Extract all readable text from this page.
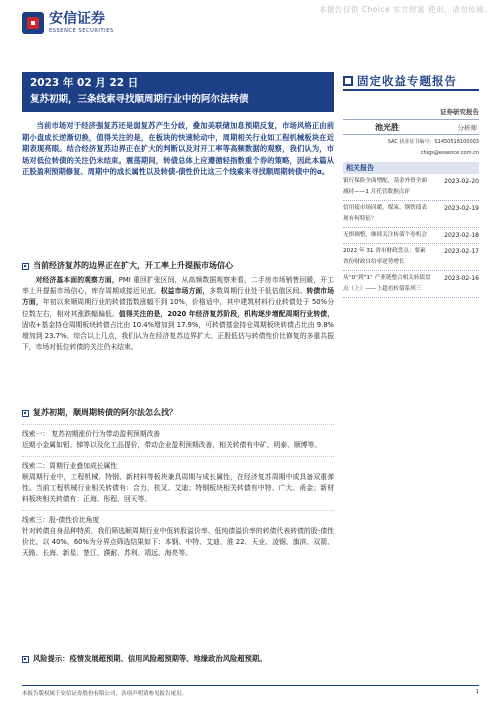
本报告仅供 Choice 东方财富 使用，请勿传阅。
安信证券
ESSENCE SECURITIES
2023 年 02 月 22 日
复苏初期，三条线索寻找顺周期行业中的阿尔法转债
固定收益专题报告
证券研究报告
池光胜	分析师
SAC 执业证书编号：S1450518100003
chigs@essence.com.cn
当前市场对于经济强复苏还是弱复苏产生分歧，叠加美联储加息预期反复，市场风格正由前期小盘成长逆渐切换，值得关注的是，在板块的快速轮动中，周期相关行业如工程机械板块在近期表现亮眼。结合经济复苏边界正在扩大的判断以及对开工率等高频数据的观察，我们认为，市场对低位转债的关注仍未结束。震荡期间，转债总体上应遵循轻指数重个券的策略，因此本篇从正股盈利预期修复、周期中的成长属性以及转债-债性价比这三个线索来寻找顺周期转债中的α。
当前经济复苏的边界正在扩大，开工率上升提振市场信心
对经济基本面的观察方面，PMI 重回扩张区间，从高频数据观察来看，二手房市场销售回暖，开工率上升提振市场信心，库存周期或接近见底。权益市场方面，多数周期行业处于低估值区间。转债市场方面，年初以来顺周期行业的转债指数涨幅不到 10%，价格适中，其中建筑材料行业转债处于 50%分位数左右，相对其涨跌幅偏低。值得关注的是，2020 年经济复苏阶段，机构逐步增配周期行业转债，固收+基金持仓周期板块转债占比由 10.4%增加到 17.9%，可转债基金持仓周期板块转债占比由 9.8%增加到 23.7%。综合以上几点，我们认为在经济复苏边界扩大、正股低估与转债性价比修复的多重共振下，市场对低位转债的关注仍未结束。
复苏初期，顺周期转债的阿尔法怎么找？
线索一： 复苏初期涨价行为带动盈利预期改善
近期小金属如钼、锑等以及化工品提价，带动企业盈利预期改善，相关转债有中矿、明泰、顺博等。
线索二：周期行业叠加成长属性
顺周期行业中，工程机械、特钢、新材料等板块兼具周期与成长属性，在经济复苏周期中或具备双重弹性。当前工程机械行业相关转债有：合力、杭叉、艾迪；特钢板块相关转债有中特、广大、甬金；新材料板块相关转债有：正海、彤程、回天等。
线索三：股-债性价比角度
针对转债自身品种特质，我们筛选顺周期行业中低转股溢价率、低纯债溢价率的转债代表转债的股-债性价比，以 40%、60%为分界点筛选结果如下：本钢、中特、艾迪、淮 22、天业、凌钢、旗滨、双箭、天路、长海、新星、楚江、濮耐、苏利、靖远、海亮等。
风险提示：疫情发展超预期、信用风险超预期等、地缘政治风险超预期。
相关报告
银行保险全面增配，基金外资全面减持——1 月托管数据点评
2023-02-20
信用债市场回暖，煤炭、钢铁债表现有何特征？
2023-02-19
无惧调整，继续关注转债个券机会	2023-02-18
2022 年 31 省市财政盘点：要素省份财政自给率逆势增长
2023-02-17
从“0”到“1” 产业链整合相关转债盘点（上）——上超看转债系列三
2023-02-16
本报告版权属于安信证券股份有限公司，各项声明请参见报告尾页。	1
